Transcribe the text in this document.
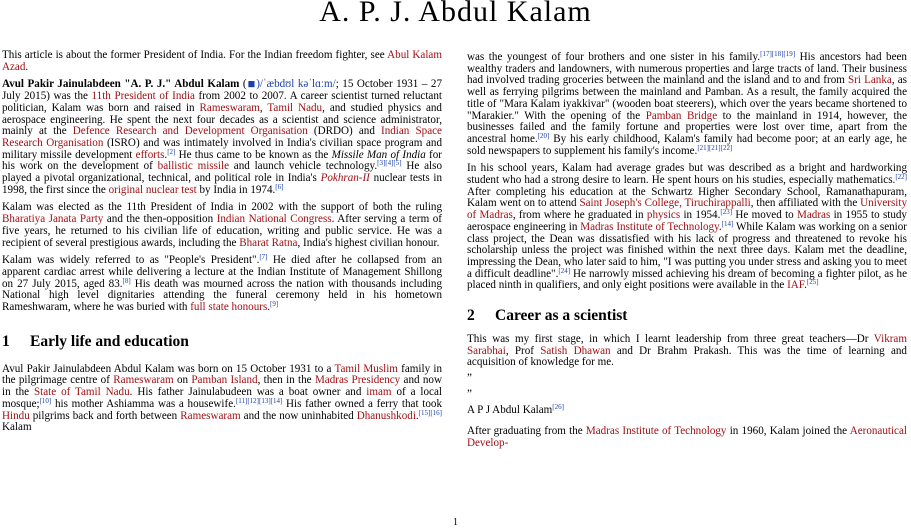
A. P. J. Abdul Kalam

This article is about the former President of India. For the Indian freedom fighter, see Abul Kalam Azad.

Avul Pakir Jainulabdeen "A. P. J." Abdul Kalam (◾)/ˈæbdʊl kəˈlɑːm/; 15 October 1931 – 27 July 2015) was the 11th President of India from 2002 to 2007. A career scientist turned reluctant politician, Kalam was born and raised in Rameswaram, Tamil Nadu, and studied physics and aerospace engineering. He spent the next four decades as a scientist and science administrator, mainly at the Defence Research and Development Organisation (DRDO) and Indian Space Research Organisation (ISRO) and was intimately involved in India's civilian space program and military missile development efforts.[2] He thus came to be known as the Missile Man of India for his work on the development of ballistic missile and launch vehicle technology.[3][4][5] He also played a pivotal organizational, technical, and political role in India's Pokhran-II nuclear tests in 1998, the first since the original nuclear test by India in 1974.[6]

Kalam was elected as the 11th President of India in 2002 with the support of both the ruling Bharatiya Janata Party and the then-opposition Indian National Congress. After serving a term of five years, he returned to his civilian life of education, writing and public service. He was a recipient of several prestigious awards, including the Bharat Ratna, India's highest civilian honour.

Kalam was widely referred to as "People's President".[7] He died after he collapsed from an apparent cardiac arrest while delivering a lecture at the Indian Institute of Management Shillong on 27 July 2015, aged 83.[8] His death was mourned across the nation with thousands including National high level dignitaries attending the funeral ceremony held in his hometown Rameshwaram, where he was buried with full state honours.[9]

1 Early life and education

Avul Pakir Jainulabdeen Abdul Kalam was born on 15 October 1931 to a Tamil Muslim family in the pilgrimage centre of Rameswaram on Pamban Island, then in the Madras Presidency and now in the State of Tamil Nadu. His father Jainulabudeen was a boat owner and imam of a local mosque;[10] his mother Ashiamma was a housewife.[11][12][13][14] His father owned a ferry that took Hindu pilgrims back and forth between Rameswaram and the now uninhabited Dhanushkodi.[15][16] Kalam

was the youngest of four brothers and one sister in his family.[17][18][19] His ancestors had been wealthy traders and landowners, with numerous properties and large tracts of land. Their business had involved trading groceries between the mainland and the island and to and from Sri Lanka, as well as ferrying pilgrims between the mainland and Pamban. As a result, the family acquired the title of "Mara Kalam iyakkivar" (wooden boat steerers), which over the years became shortened to "Marakier." With the opening of the Pamban Bridge to the mainland in 1914, however, the businesses failed and the family fortune and properties were lost over time, apart from the ancestral home.[20] By his early childhood, Kalam's family had become poor; at an early age, he sold newspapers to supplement his family's income.[21][21][22]

In his school years, Kalam had average grades but was described as a bright and hardworking student who had a strong desire to learn. He spent hours on his studies, especially mathematics.[22] After completing his education at the Schwartz Higher Secondary School, Ramanathapuram, Kalam went on to attend Saint Joseph's College, Tiruchirappalli, then affiliated with the University of Madras, from where he graduated in physics in 1954.[23] He moved to Madras in 1955 to study aerospace engineering in Madras Institute of Technology.[14] While Kalam was working on a senior class project, the Dean was dissatisfied with his lack of progress and threatened to revoke his scholarship unless the project was finished within the next three days. Kalam met the deadline, impressing the Dean, who later said to him, "I was putting you under stress and asking you to meet a difficult deadline".[24] He narrowly missed achieving his dream of becoming a fighter pilot, as he placed ninth in qualifiers, and only eight positions were available in the IAF.[25]

2 Career as a scientist

This was my first stage, in which I learnt leadership from three great teachers—Dr Vikram Sarabhai, Prof Satish Dhawan and Dr Brahm Prakash. This was the time of learning and acquisition of knowledge for me.

”

”

A P J Abdul Kalam[26]

After graduating from the Madras Institute of Technology in 1960, Kalam joined the Aeronautical Develop-

1
